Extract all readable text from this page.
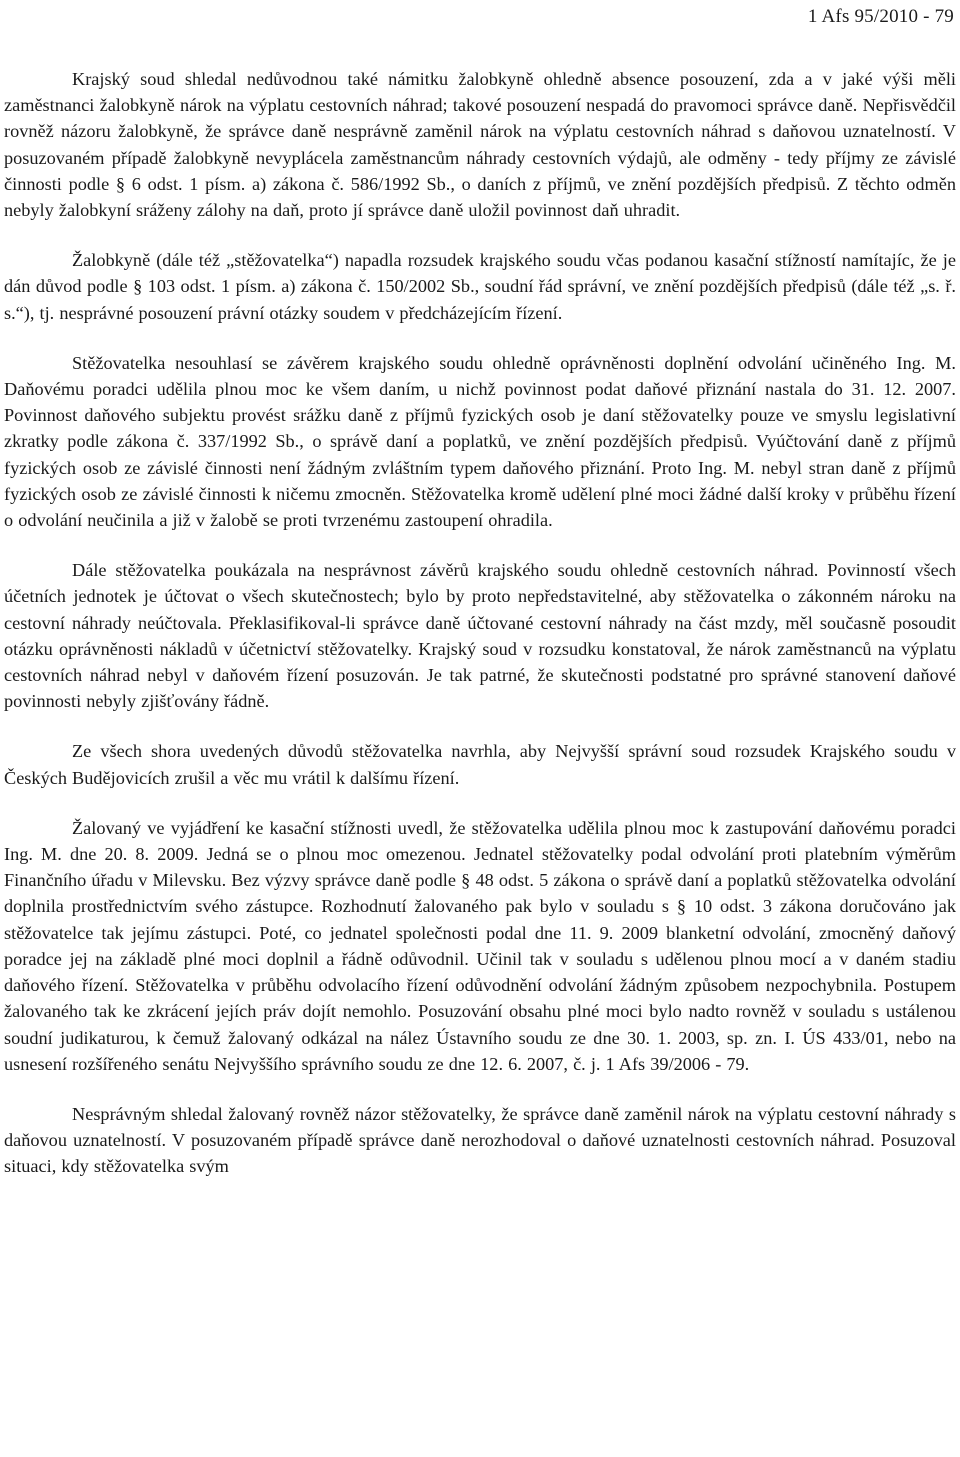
1 Afs 95/2010 - 79

Krajský soud shledal nedůvodnou také námitku žalobkyně ohledně absence posouzení, zda a v jaké výši měli zaměstnanci žalobkyně nárok na výplatu cestovních náhrad; takové posouzení nespadá do pravomoci správce daně. Nepřisvědčil rovněž názoru žalobkyně, že správce daně nesprávně zaměnil nárok na výplatu cestovních náhrad s daňovou uznatelností. V posuzovaném případě žalobkyně nevyplácela zaměstnancům náhrady cestovních výdajů, ale odměny - tedy příjmy ze závislé činnosti podle § 6 odst. 1 písm. a) zákona č. 586/1992 Sb., o daních z příjmů, ve znění pozdějších předpisů. Z těchto odměn nebyly žalobkyní sráženy zálohy na daň, proto jí správce daně uložil povinnost daň uhradit.

Žalobkyně (dále též „stěžovatelka“) napadla rozsudek krajského soudu včas podanou kasační stížností namítajíc, že je dán důvod podle § 103 odst. 1 písm. a) zákona č. 150/2002 Sb., soudní řád správní, ve znění pozdějších předpisů (dále též „s. ř. s.“), tj. nesprávné posouzení právní otázky soudem v předcházejícím řízení.

Stěžovatelka nesouhlasí se závěrem krajského soudu ohledně oprávněnosti doplnění odvolání učiněného Ing. M. Daňovému poradci udělila plnou moc ke všem daním, u nichž povinnost podat daňové přiznání nastala do 31. 12. 2007. Povinnost daňového subjektu provést srážku daně z příjmů fyzických osob je daní stěžovatelky pouze ve smyslu legislativní zkratky podle zákona č. 337/1992 Sb., o správě daní a poplatků, ve znění pozdějších předpisů. Vyúčtování daně z příjmů fyzických osob ze závislé činnosti není žádným zvláštním typem daňového přiznání. Proto Ing. M. nebyl stran daně z příjmů fyzických osob ze závislé činnosti k ničemu zmocněn. Stěžovatelka kromě udělení plné moci žádné další kroky v průběhu řízení o odvolání neučinila a již v žalobě se proti tvrzenému zastoupení ohradila.

Dále stěžovatelka poukázala na nesprávnost závěrů krajského soudu ohledně cestovních náhrad. Povinností všech účetních jednotek je účtovat o všech skutečnostech; bylo by proto nepředstavitelné, aby stěžovatelka o zákonném nároku na cestovní náhrady neúčtovala. Překlasifikoval-li správce daně účtované cestovní náhrady na část mzdy, měl současně posoudit otázku oprávněnosti nákladů v účetnictví stěžovatelky. Krajský soud v rozsudku konstatoval, že nárok zaměstnanců na výplatu cestovních náhrad nebyl v daňovém řízení posuzován. Je tak patrné, že skutečnosti podstatné pro správné stanovení daňové povinnosti nebyly zjišťovány řádně.

Ze všech shora uvedených důvodů stěžovatelka navrhla, aby Nejvyšší správní soud rozsudek Krajského soudu v Českých Budějovicích zrušil a věc mu vrátil k dalšímu řízení.

Žalovaný ve vyjádření ke kasační stížnosti uvedl, že stěžovatelka udělila plnou moc k zastupování daňovému poradci Ing. M. dne 20. 8. 2009. Jedná se o plnou moc omezenou. Jednatel stěžovatelky podal odvolání proti platebním výměrům Finančního úřadu v Milevsku. Bez výzvy správce daně podle § 48 odst. 5 zákona o správě daní a poplatků stěžovatelka odvolání doplnila prostřednictvím svého zástupce. Rozhodnutí žalovaného pak bylo v souladu s § 10 odst. 3 zákona doručováno jak stěžovatelce tak jejímu zástupci. Poté, co jednatel společnosti podal dne 11. 9. 2009 blanketní odvolání, zmocněný daňový poradce jej na základě plné moci doplnil a řádně odůvodnil. Učinil tak v souladu s udělenou plnou mocí a v daném stadiu daňového řízení. Stěžovatelka v průběhu odvolacího řízení odůvodnění odvolání žádným způsobem nezpochybnila. Postupem žalovaného tak ke zkrácení jejích práv dojít nemohlo. Posuzování obsahu plné moci bylo nadto rovněž v souladu s ustálenou soudní judikaturou, k čemuž žalovaný odkázal na nález Ústavního soudu ze dne 30. 1. 2003, sp. zn. I. ÚS 433/01, nebo na usnesení rozšířeného senátu Nejvyššího správního soudu ze dne 12. 6. 2007, č. j. 1 Afs 39/2006 - 79.

Nesprávným shledal žalovaný rovněž názor stěžovatelky, že správce daně zaměnil nárok na výplatu cestovní náhrady s daňovou uznatelností. V posuzovaném případě správce daně nerozhodoval o daňové uznatelnosti cestovních náhrad. Posuzoval situaci, kdy stěžovatelka svým
